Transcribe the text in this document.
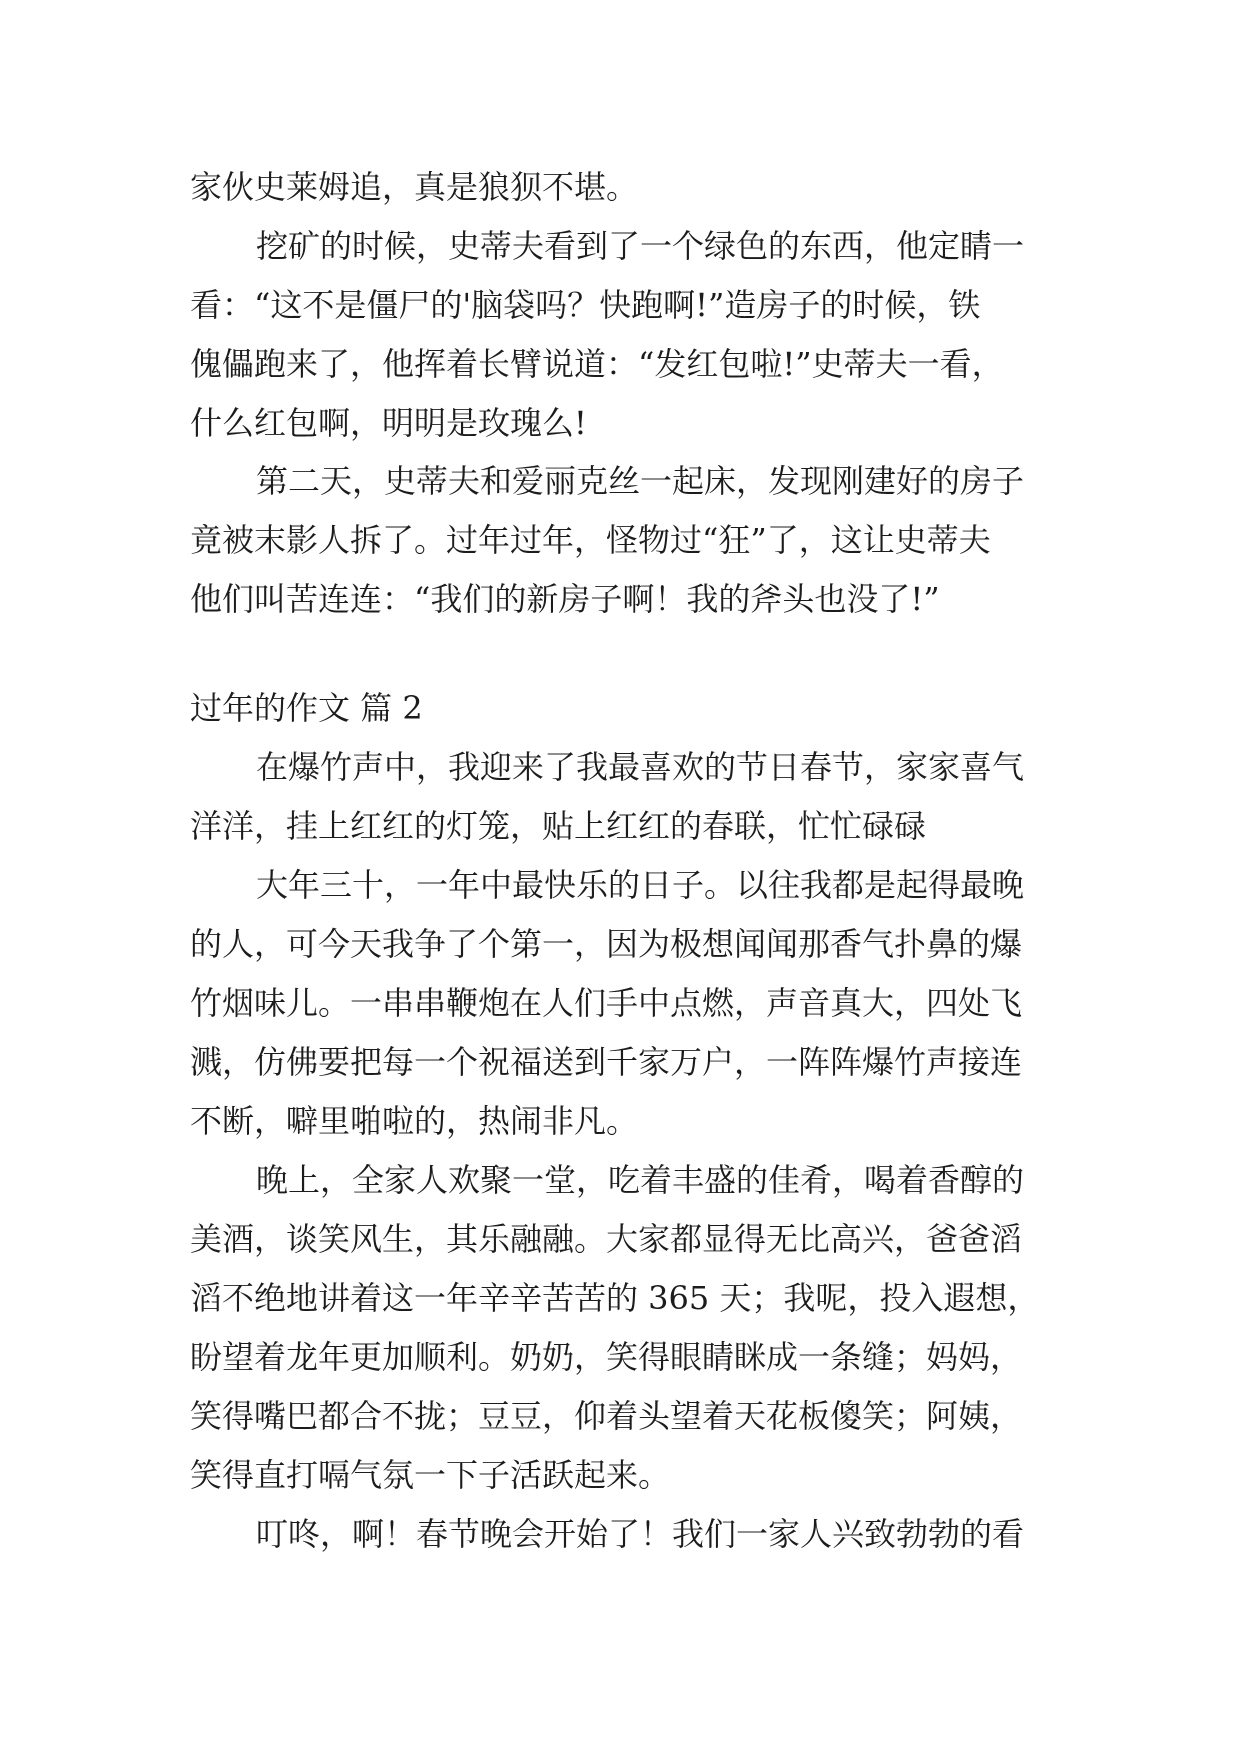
家伙史莱姆追，真是狼狈不堪。
挖矿的时候，史蒂夫看到了一个绿色的东西，他定睛一
看：“这不是僵尸的'脑袋吗？快跑啊!”造房子的时候，铁
傀儡跑来了，他挥着长臂说道：“发红包啦!”史蒂夫一看，
什么红包啊，明明是玫瑰么!
第二天，史蒂夫和爱丽克丝一起床，发现刚建好的房子
竟被末影人拆了。过年过年，怪物过“狂”了，这让史蒂夫
他们叫苦连连：“我们的新房子啊！我的斧头也没了!”
过年的作文 篇 2
在爆竹声中，我迎来了我最喜欢的节日春节，家家喜气
洋洋，挂上红红的灯笼，贴上红红的春联，忙忙碌碌
大年三十，一年中最快乐的日子。以往我都是起得最晚
的人，可今天我争了个第一，因为极想闻闻那香气扑鼻的爆
竹烟味儿。一串串鞭炮在人们手中点燃，声音真大，四处飞
溅，仿佛要把每一个祝福送到千家万户，一阵阵爆竹声接连
不断，噼里啪啦的，热闹非凡。
晚上，全家人欢聚一堂，吃着丰盛的佳肴，喝着香醇的
美酒，谈笑风生，其乐融融。大家都显得无比高兴，爸爸滔
滔不绝地讲着这一年辛辛苦苦的 365 天；我呢，投入遐想，
盼望着龙年更加顺利。奶奶，笑得眼睛眯成一条缝；妈妈，
笑得嘴巴都合不拢；豆豆，仰着头望着天花板傻笑；阿姨，
笑得直打嗝气氛一下子活跃起来。
叮咚，啊！春节晚会开始了！我们一家人兴致勃勃的看
